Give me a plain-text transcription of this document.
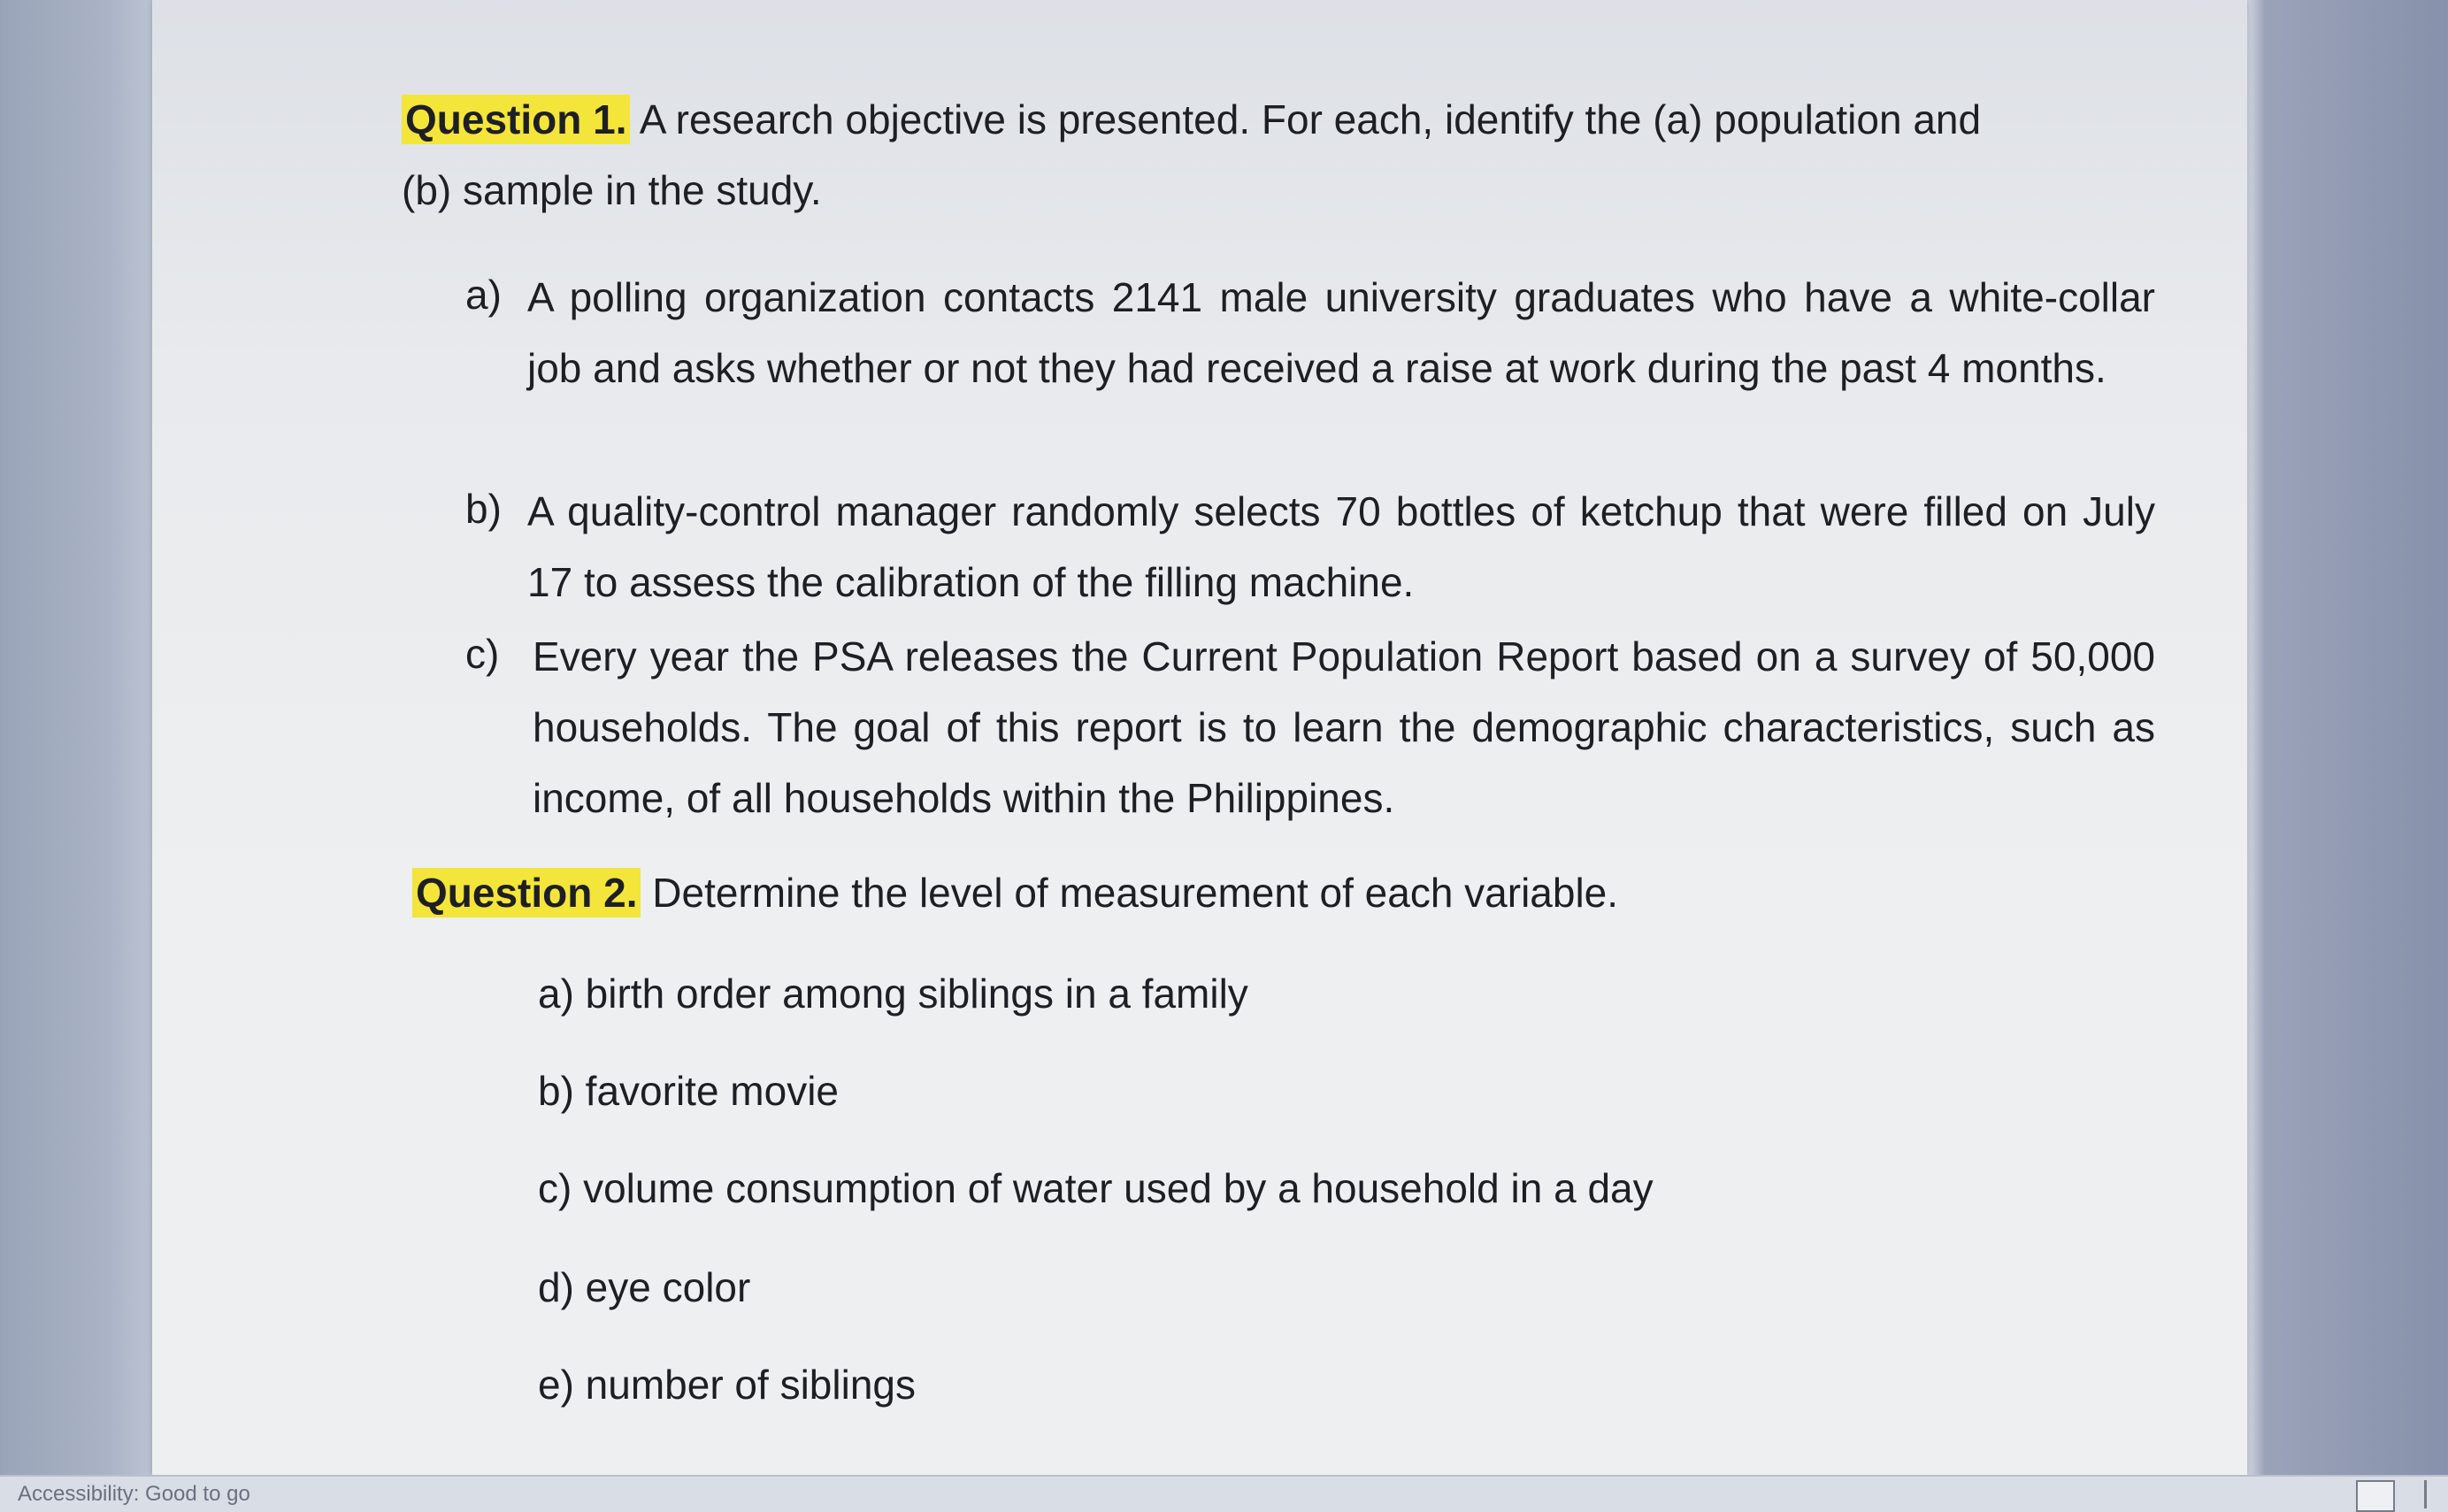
Question 1. A research objective is presented. For each, identify the (a) population and
(b) sample in the study.
a) A polling organization contacts 2141 male university graduates who have a white-collar job and asks whether or not they had received a raise at work during the past 4 months.
b) A quality-control manager randomly selects 70 bottles of ketchup that were filled on July 17 to assess the calibration of the filling machine.
c) Every year the PSA releases the Current Population Report based on a survey of 50,000 households. The goal of this report is to learn the demographic characteristics, such as income, of all households within the Philippines.
Question 2. Determine the level of measurement of each variable.
a) birth order among siblings in a family
b) favorite movie
c) volume consumption of water used by a household in a day
d) eye color
e) number of siblings
Accessibility: Good to go
